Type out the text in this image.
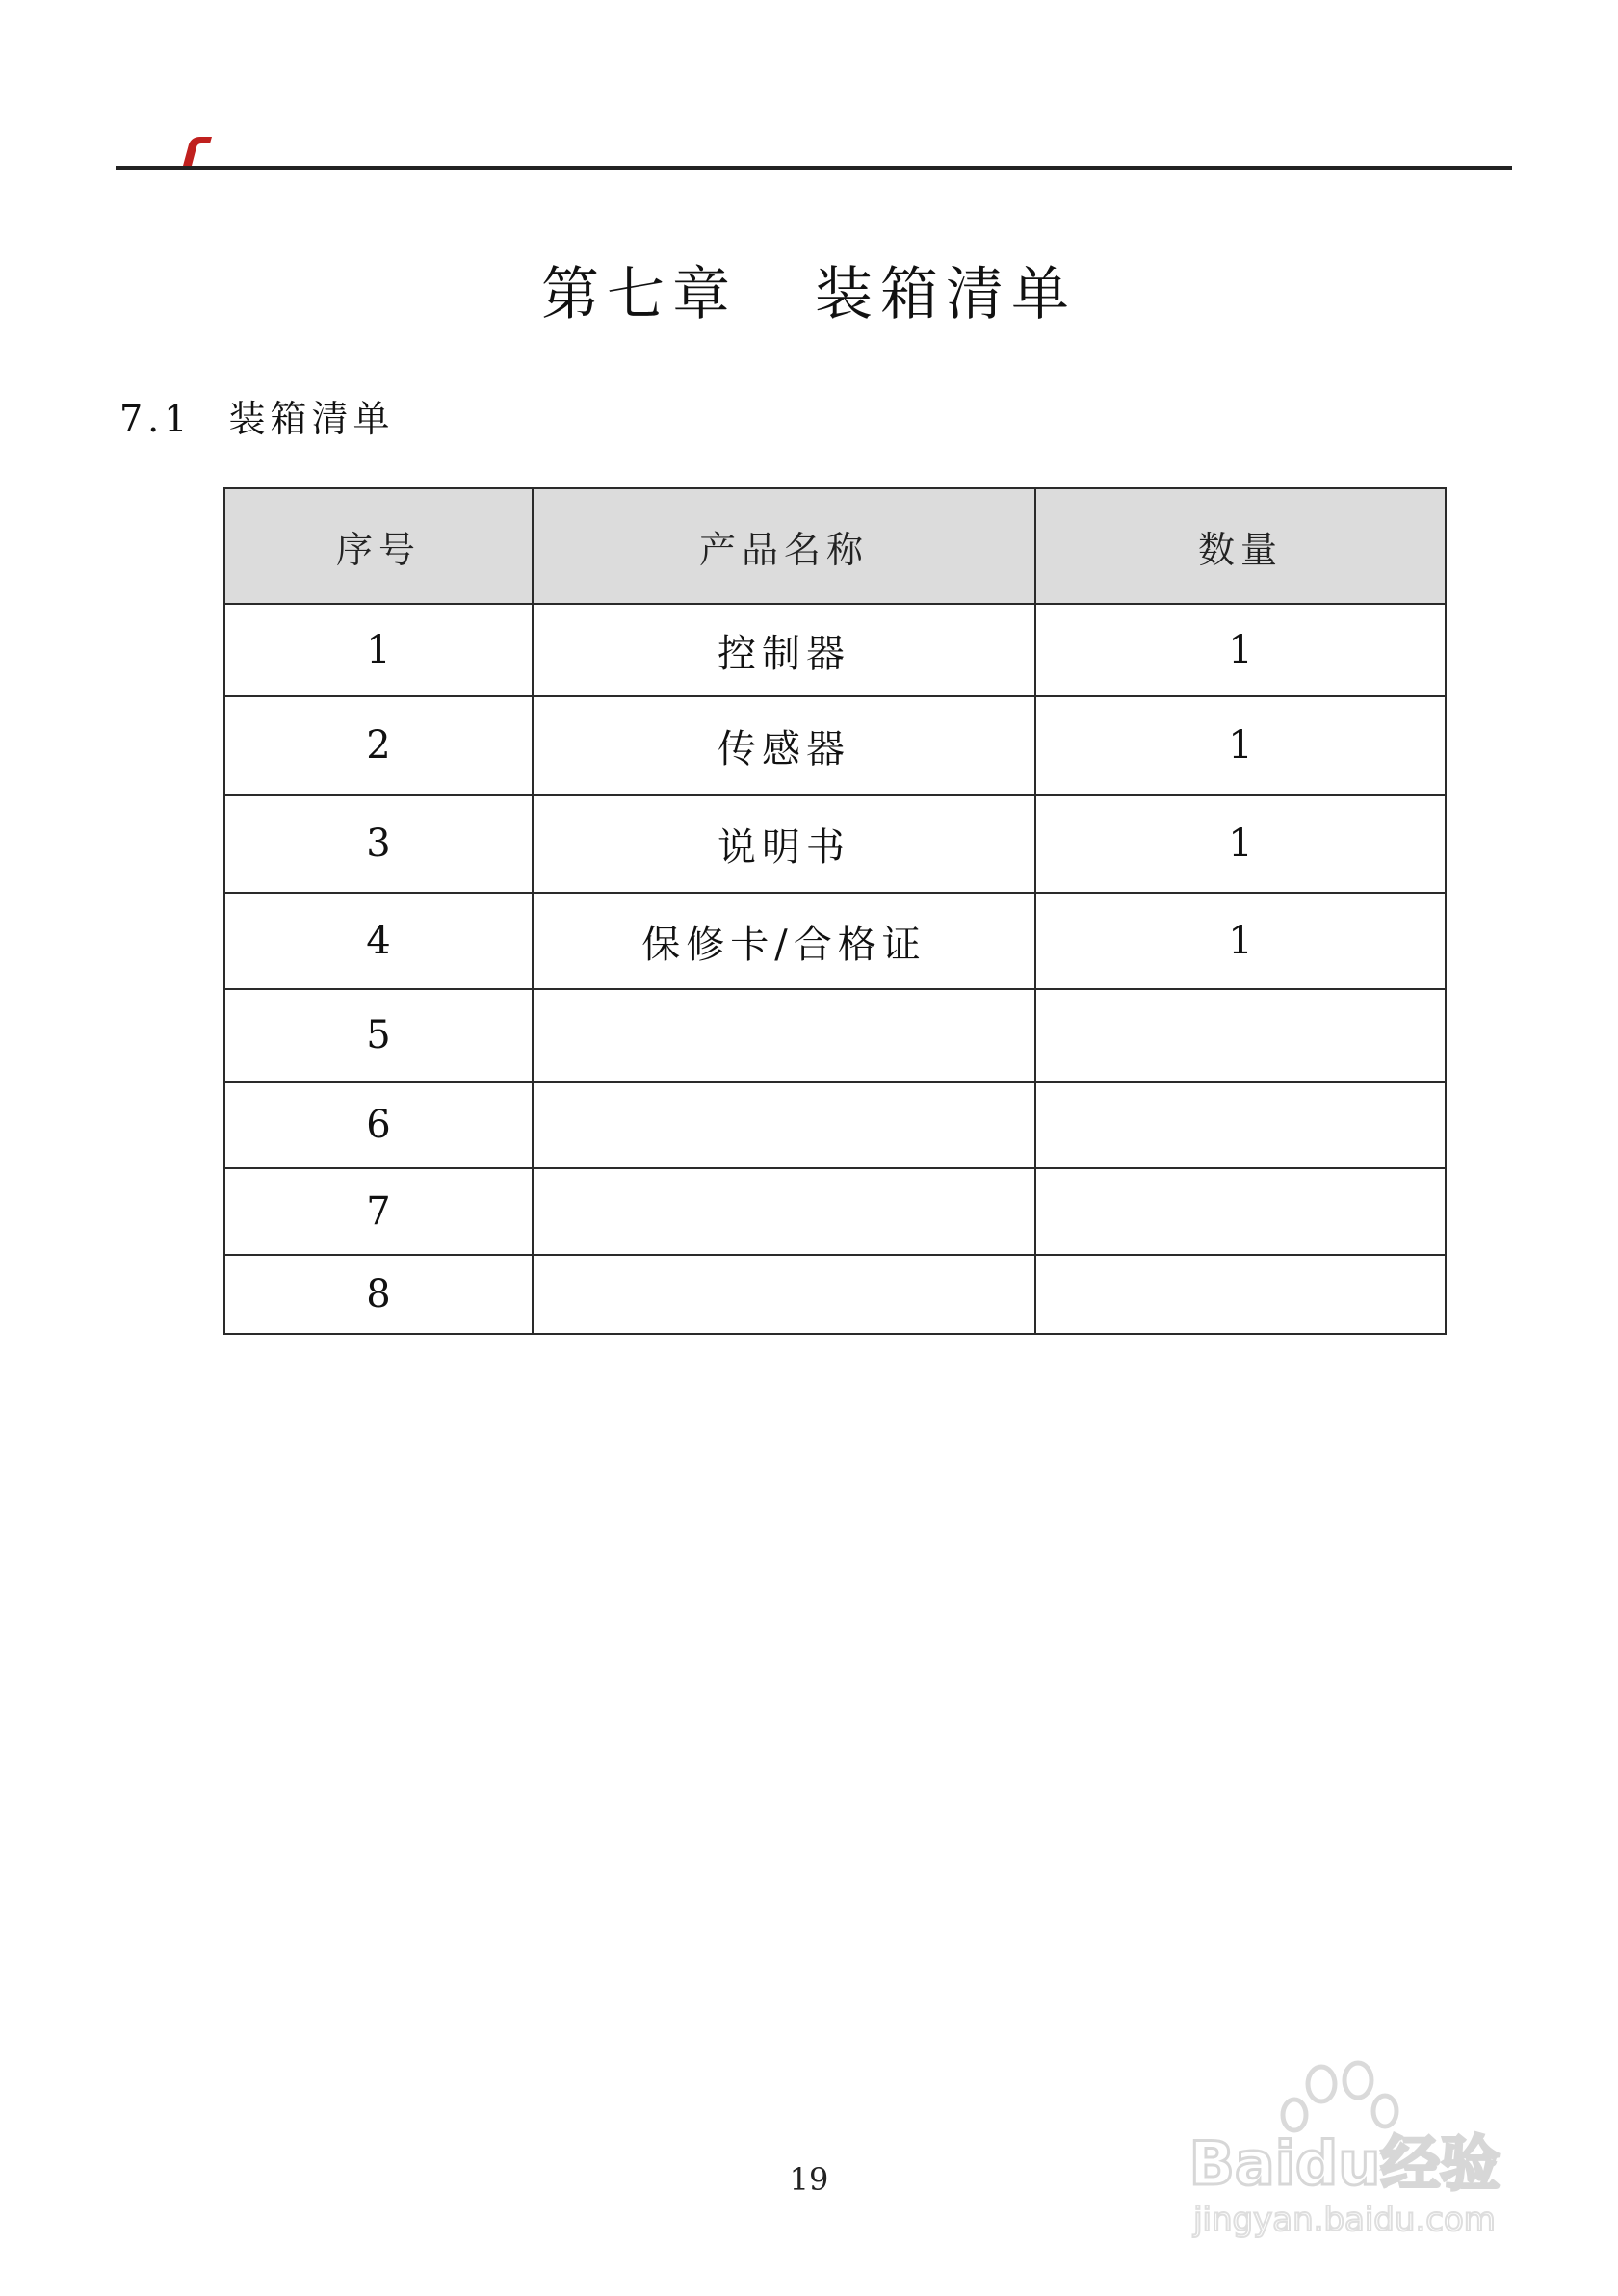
第七章 装箱清单
7.1 装箱清单
序号	产品名称	数量
1	控制器	1
2	传感器	1
3	说明书	1
4	保修卡/合格证	1
5		
6		
7		
8		
19	Baidu经验
jingyan.baidu.com
